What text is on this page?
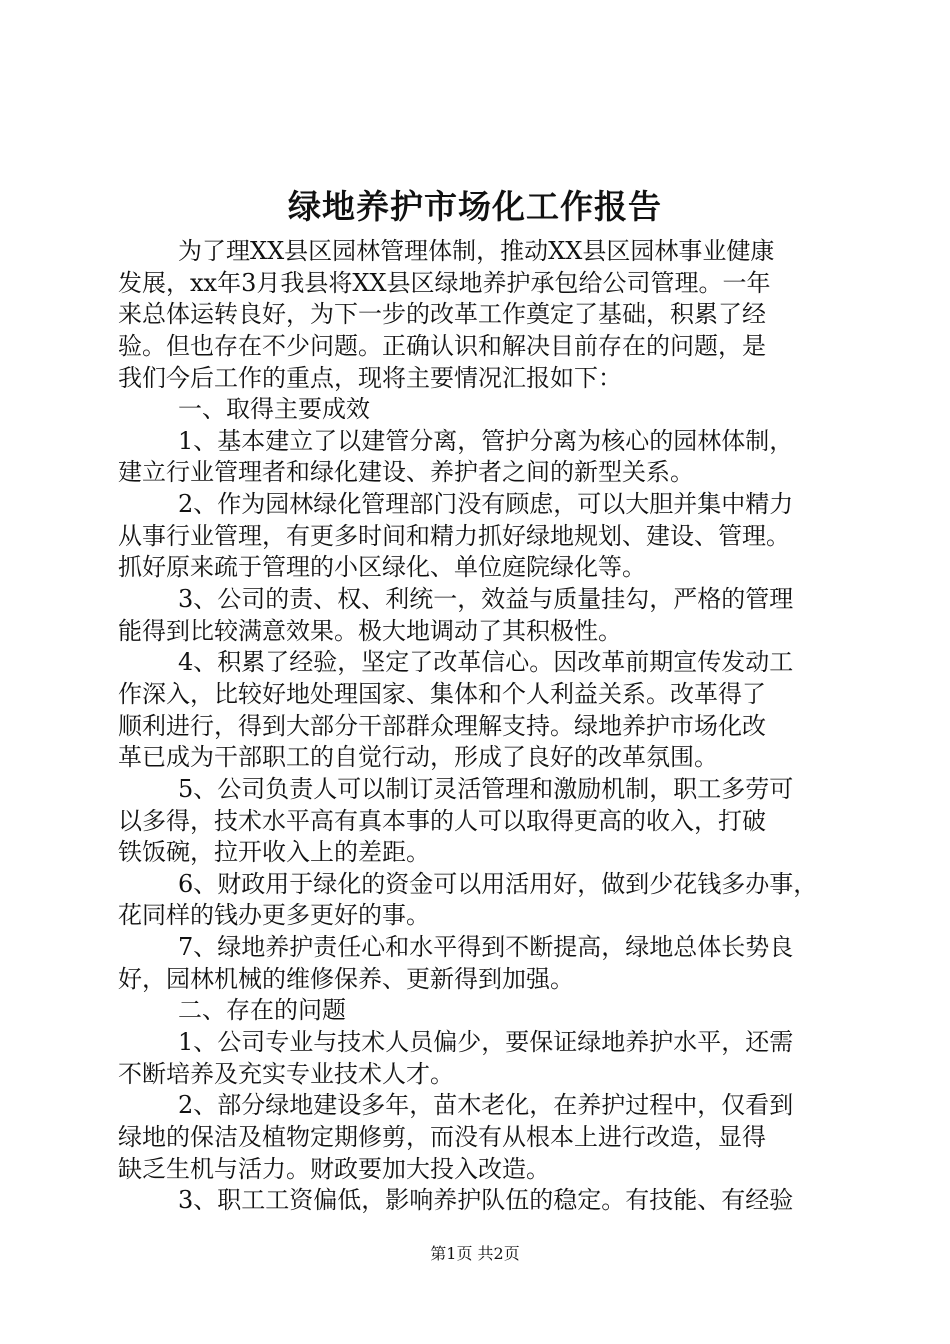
绿地养护市场化工作报告
为了理XX县区园林管理体制，推动XX县区园林事业健康
发展，xx年3月我县将XX县区绿地养护承包给公司管理。一年
来总体运转良好，为下一步的改革工作奠定了基础，积累了经
验。但也存在不少问题。正确认识和解决目前存在的问题，是
我们今后工作的重点，现将主要情况汇报如下：
一、取得主要成效
1、基本建立了以建管分离，管护分离为核心的园林体制，
建立行业管理者和绿化建设、养护者之间的新型关系。
2、作为园林绿化管理部门没有顾虑，可以大胆并集中精力
从事行业管理，有更多时间和精力抓好绿地规划、建设、管理。
抓好原来疏于管理的小区绿化、单位庭院绿化等。
3、公司的责、权、利统一，效益与质量挂勾，严格的管理
能得到比较满意效果。极大地调动了其积极性。
4、积累了经验，坚定了改革信心。因改革前期宣传发动工
作深入，比较好地处理国家、集体和个人利益关系。改革得了
顺利进行，得到大部分干部群众理解支持。绿地养护市场化改
革已成为干部职工的自觉行动，形成了良好的改革氛围。
5、公司负责人可以制订灵活管理和激励机制，职工多劳可
以多得，技术水平高有真本事的人可以取得更高的收入，打破
铁饭碗，拉开收入上的差距。
6、财政用于绿化的资金可以用活用好，做到少花钱多办事，
花同样的钱办更多更好的事。
7、绿地养护责任心和水平得到不断提高，绿地总体长势良
好，园林机械的维修保养、更新得到加强。
二、存在的问题
1、公司专业与技术人员偏少，要保证绿地养护水平，还需
不断培养及充实专业技术人才。
2、部分绿地建设多年，苗木老化，在养护过程中，仅看到
绿地的保洁及植物定期修剪，而没有从根本上进行改造，显得
缺乏生机与活力。财政要加大投入改造。
3、职工工资偏低，影响养护队伍的稳定。有技能、有经验
第1页 共2页
